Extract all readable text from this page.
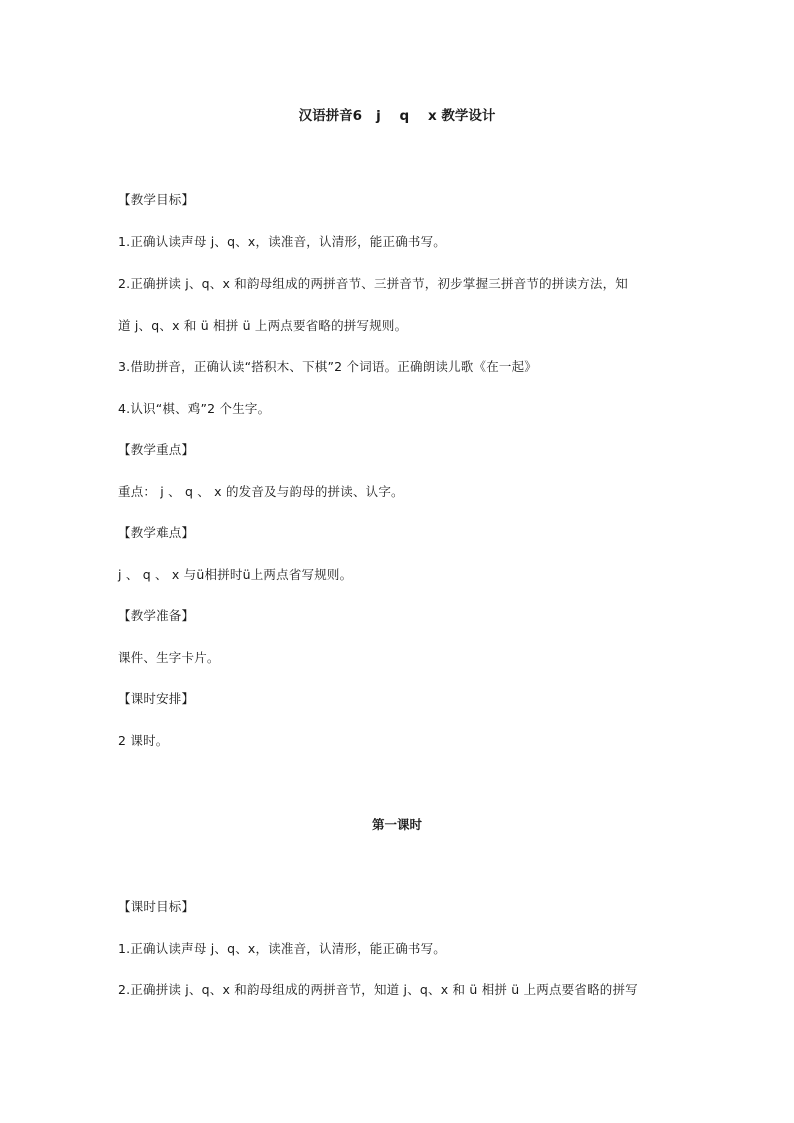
汉语拼音6   j    q    x 教学设计
【教学目标】
1.正确认读声母 j、q、x，读准音，认清形，能正确书写。
2.正确拼读 j、q、x 和韵母组成的两拼音节、三拼音节，初步掌握三拼音节的拼读方法，知
道 j、q、x 和 ü 相拼 ü 上两点要省略的拼写规则。
3.借助拼音，正确认读“搭积木、下棋”2 个词语。正确朗读儿歌《在一起》
4.认识“棋、鸡”2 个生字。
【教学重点】
重点： j 、 q 、 x 的发音及与韵母的拼读、认字。
【教学难点】
j 、 q 、 x 与ü相拼时ü上两点省写规则。
【教学准备】
课件、生字卡片。
【课时安排】
2 课时。
第一课时
【课时目标】
1.正确认读声母 j、q、x，读准音，认清形，能正确书写。
2.正确拼读 j、q、x 和韵母组成的两拼音节，知道 j、q、x 和 ü 相拼 ü 上两点要省略的拼写
